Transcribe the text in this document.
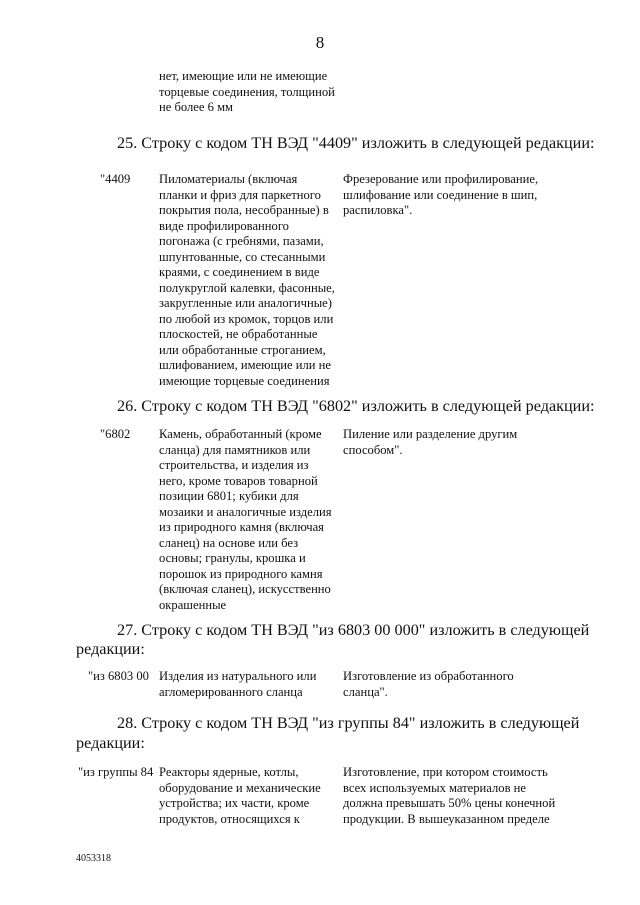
8
нет, имеющие или не имеющие
торцевые соединения, толщиной
не более 6 мм
25. Строку с кодом ТН ВЭД "4409" изложить в следующей редакции:
"4409 Пиломатериалы (включая
планки и фриз для паркетного
покрытия пола, несобранные) в
виде профилированного
погонажа (с гребнями, пазами,
шпунтованные, со стесанными
краями, с соединением в виде
полукруглой калевки, фасонные,
закругленные или аналогичные)
по любой из кромок, торцов или
плоскостей, не обработанные
или обработанные строганием,
шлифованием, имеющие или не
имеющие торцевые соединения
Фрезерование или профилирование,
шлифование или соединение в шип,
распиловка".
26. Строку с кодом ТН ВЭД "6802" изложить в следующей редакции:
"6802 Камень, обработанный (кроме
сланца) для памятников или
строительства, и изделия из
него, кроме товаров товарной
позиции 6801; кубики для
мозаики и аналогичные изделия
из природного камня (включая
сланец) на основе или без
основы; гранулы, крошка и
порошок из природного камня
(включая сланец), искусственно
окрашенные
Пиление или разделение другим
способом".
27. Строку с кодом ТН ВЭД "из 6803 00 000" изложить в следующей
редакции:
"из 6803 00 Изделия из натурального или
агломерированного сланца
Изготовление из обработанного
сланца".
28. Строку с кодом ТН ВЭД "из группы 84" изложить в следующей
редакции:
"из группы 84 Реакторы ядерные, котлы,
оборудование и механические
устройства; их части, кроме
продуктов, относящихся к
Изготовление, при котором стоимость
всех используемых материалов не
должна превышать 50% цены конечной
продукции. В вышеуказанном пределе
4053318
